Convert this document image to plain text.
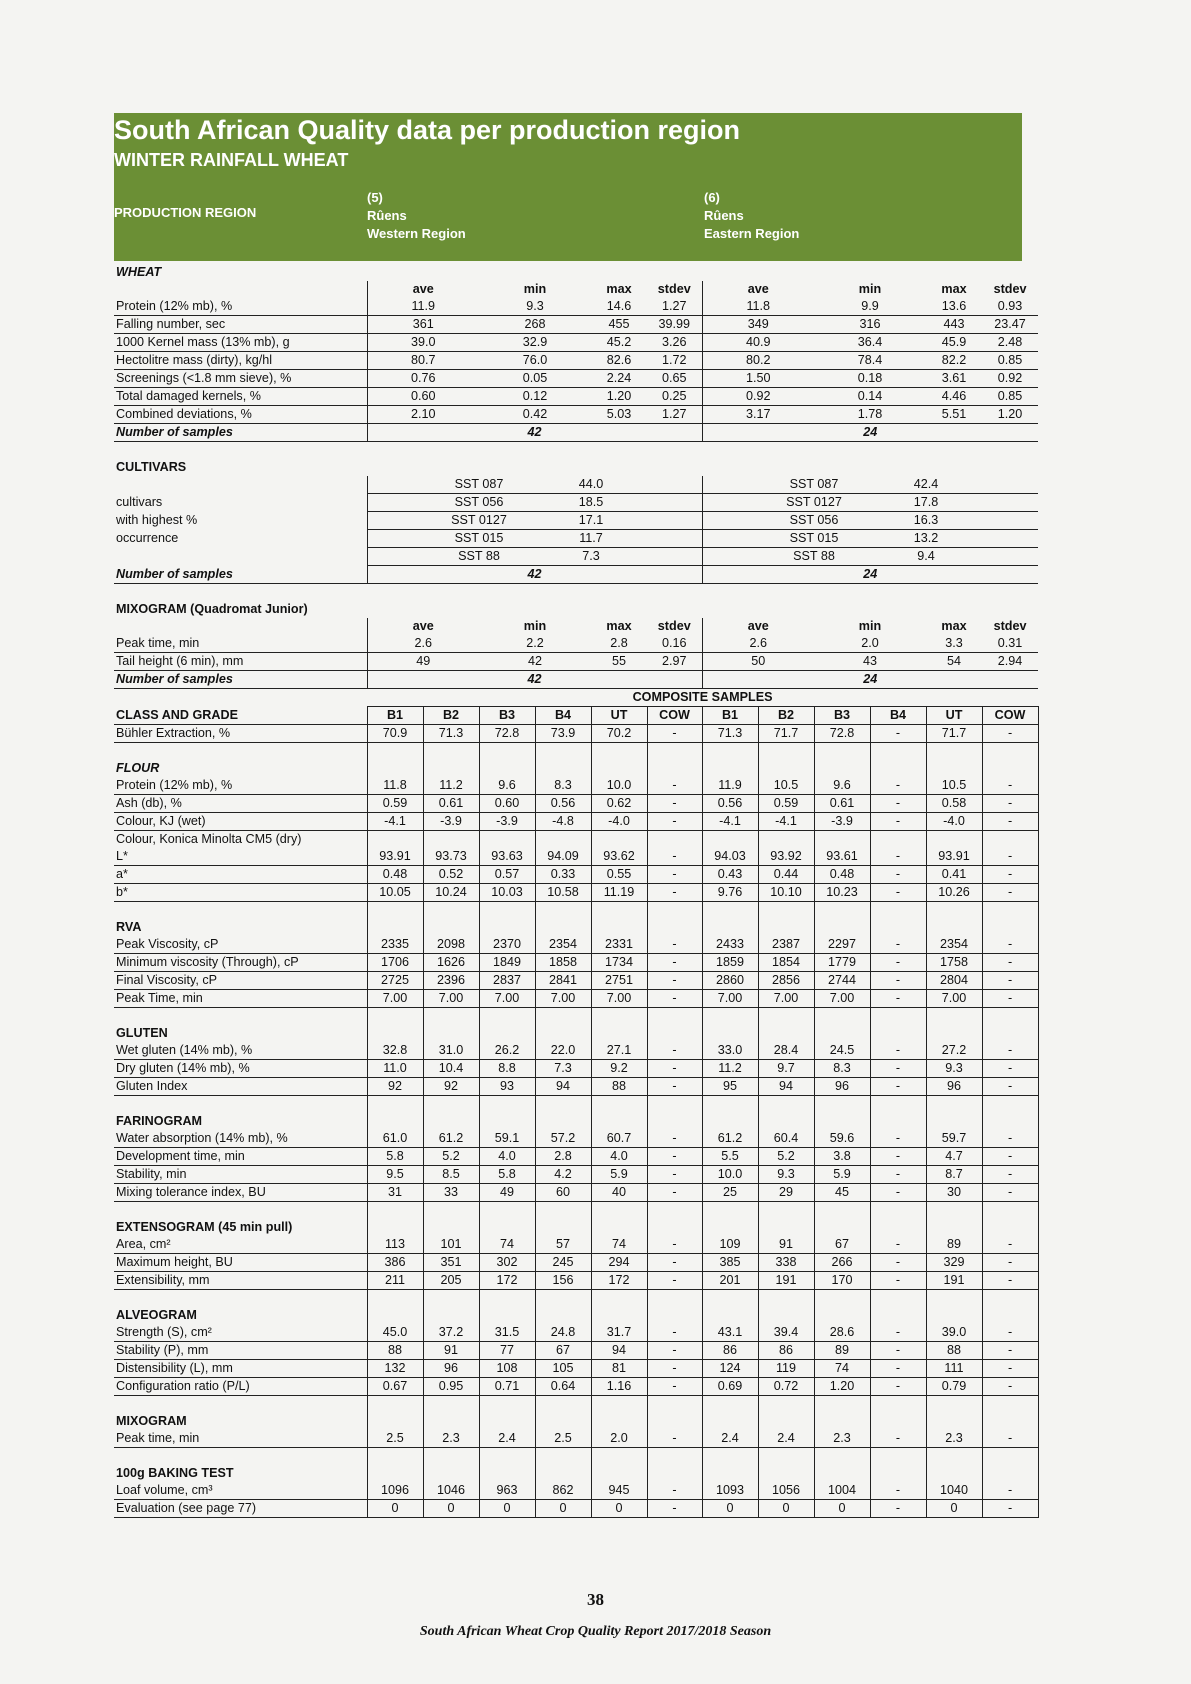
South African Quality data per production region
WINTER RAINFALL WHEAT
PRODUCTION REGION
(5)
Rûens
Western Region
(6)
Rûens
Eastern Region
WHEAT												
	ave		min		max	stdev	ave		min		max	stdev
Protein (12% mb), %	11.9		9.3		14.6	1.27	11.8		9.9		13.6	0.93
Falling number, sec	361		268		455	39.99	349		316		443	23.47
1000 Kernel mass (13% mb), g	39.0		32.9		45.2	3.26	40.9		36.4		45.9	2.48
Hectolitre mass (dirty), kg/hl	80.7		76.0		82.6	1.72	80.2		78.4		82.2	0.85
Screenings (<1.8 mm sieve), %	0.76		0.05		2.24	0.65	1.50		0.18		3.61	0.92
Total damaged kernels, %	0.60		0.12		1.20	0.25	0.92		0.14		4.46	0.85
Combined deviations, %	2.10		0.42		5.03	1.27	3.17		1.78		5.51	1.20
Number of samples	42						24					

CULTIVARS												
		SST 087		44.0				SST 087		42.4		
cultivars		SST 056		18.5				SST 0127		17.8		
with highest %		SST 0127		17.1				SST 056		16.3		
occurrence		SST 015		11.7				SST 015		13.2		
		SST 88		7.3				SST 88		9.4		
Number of samples	42						24					

MIXOGRAM (Quadromat Junior)												
	ave		min		max	stdev	ave		min		max	stdev
Peak time, min	2.6		2.2		2.8	0.16	2.6		2.0		3.3	0.31
Tail height (6 min), mm	49		42		55	2.97	50		43		54	2.94
Number of samples	42						24					
	COMPOSITE SAMPLES											
CLASS AND GRADE	B1	B2	B3	B4	UT	COW	B1	B2	B3	B4	UT	COW
Bühler Extraction, %	70.9	71.3	72.8	73.9	70.2	-	71.3	71.7	72.8	-	71.7	-

FLOUR												
Protein (12% mb), %	11.8	11.2	9.6	8.3	10.0	-	11.9	10.5	9.6	-	10.5	-
Ash (db), %	0.59	0.61	0.60	0.56	0.62	-	0.56	0.59	0.61	-	0.58	-
Colour, KJ (wet)	-4.1	-3.9	-3.9	-4.8	-4.0	-	-4.1	-4.1	-3.9	-	-4.0	-
Colour, Konica Minolta CM5 (dry)												
L*	93.91	93.73	93.63	94.09	93.62	-	94.03	93.92	93.61	-	93.91	-
a*	0.48	0.52	0.57	0.33	0.55	-	0.43	0.44	0.48	-	0.41	-
b*	10.05	10.24	10.03	10.58	11.19	-	9.76	10.10	10.23	-	10.26	-

RVA												
Peak Viscosity, cP	2335	2098	2370	2354	2331	-	2433	2387	2297	-	2354	-
Minimum viscosity (Through), cP	1706	1626	1849	1858	1734	-	1859	1854	1779	-	1758	-
Final Viscosity, cP	2725	2396	2837	2841	2751	-	2860	2856	2744	-	2804	-
Peak Time, min	7.00	7.00	7.00	7.00	7.00	-	7.00	7.00	7.00	-	7.00	-

GLUTEN												
Wet gluten (14% mb), %	32.8	31.0	26.2	22.0	27.1	-	33.0	28.4	24.5	-	27.2	-
Dry gluten (14% mb), %	11.0	10.4	8.8	7.3	9.2	-	11.2	9.7	8.3	-	9.3	-
Gluten Index	92	92	93	94	88	-	95	94	96	-	96	-

FARINOGRAM												
Water absorption (14% mb), %	61.0	61.2	59.1	57.2	60.7	-	61.2	60.4	59.6	-	59.7	-
Development time, min	5.8	5.2	4.0	2.8	4.0	-	5.5	5.2	3.8	-	4.7	-
Stability, min	9.5	8.5	5.8	4.2	5.9	-	10.0	9.3	5.9	-	8.7	-
Mixing tolerance index, BU	31	33	49	60	40	-	25	29	45	-	30	-

EXTENSOGRAM (45 min pull)												
Area, cm²	113	101	74	57	74	-	109	91	67	-	89	-
Maximum height, BU	386	351	302	245	294	-	385	338	266	-	329	-
Extensibility, mm	211	205	172	156	172	-	201	191	170	-	191	-

ALVEOGRAM												
Strength (S), cm²	45.0	37.2	31.5	24.8	31.7	-	43.1	39.4	28.6	-	39.0	-
Stability (P), mm	88	91	77	67	94	-	86	86	89	-	88	-
Distensibility (L), mm	132	96	108	105	81	-	124	119	74	-	111	-
Configuration ratio (P/L)	0.67	0.95	0.71	0.64	1.16	-	0.69	0.72	1.20	-	0.79	-

MIXOGRAM												
Peak time, min	2.5	2.3	2.4	2.5	2.0	-	2.4	2.4	2.3	-	2.3	-

100g BAKING TEST												
Loaf volume, cm³	1096	1046	963	862	945	-	1093	1056	1004	-	1040	-
Evaluation (see page 77)	0	0	0	0	0	-	0	0	0	-	0	-
38
South African Wheat Crop Quality Report 2017/2018 Season
